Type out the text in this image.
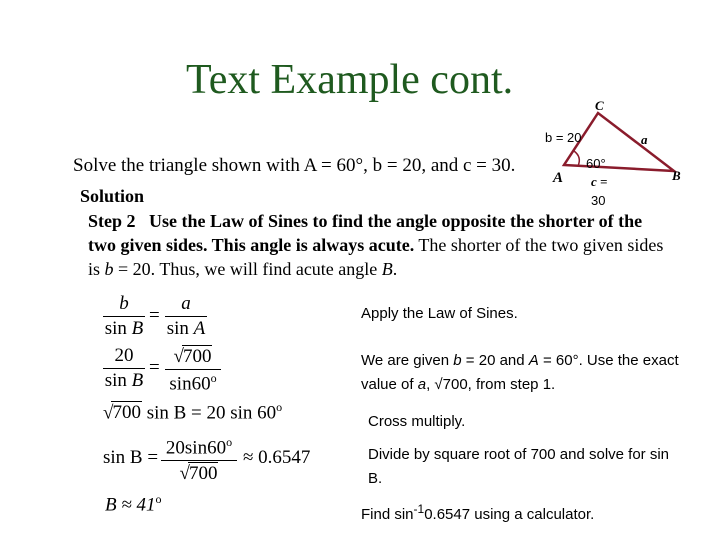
Text Example cont.
C
b = 20	a
60°
A	B
c =
30
Solve the triangle shown with A = 60°, b = 20, and c = 30.
Solution
Step 2 Use the Law of Sines to find the angle opposite the shorter of the two given sides. This angle is always acute. The shorter of the two given sides is b = 20. Thus, we will find acute angle B.
b
sin B
=
a
sin A
20
sin B
=
√700
sin60$^o$
√700 sin B = 20 sin 60$^o$
$\sin B = 20\sin 60^o$
√700
≈ 0.6547
$B \approx 41^o$
Apply the Law of Sines.
We are given b = 20 and A = 60°. Use the exact value of a, √700, from step 1.
Cross multiply.
Divide by square root of 700 and solve for sin B.
Find $\sin^{-1}0.6547$ using a calculator.
